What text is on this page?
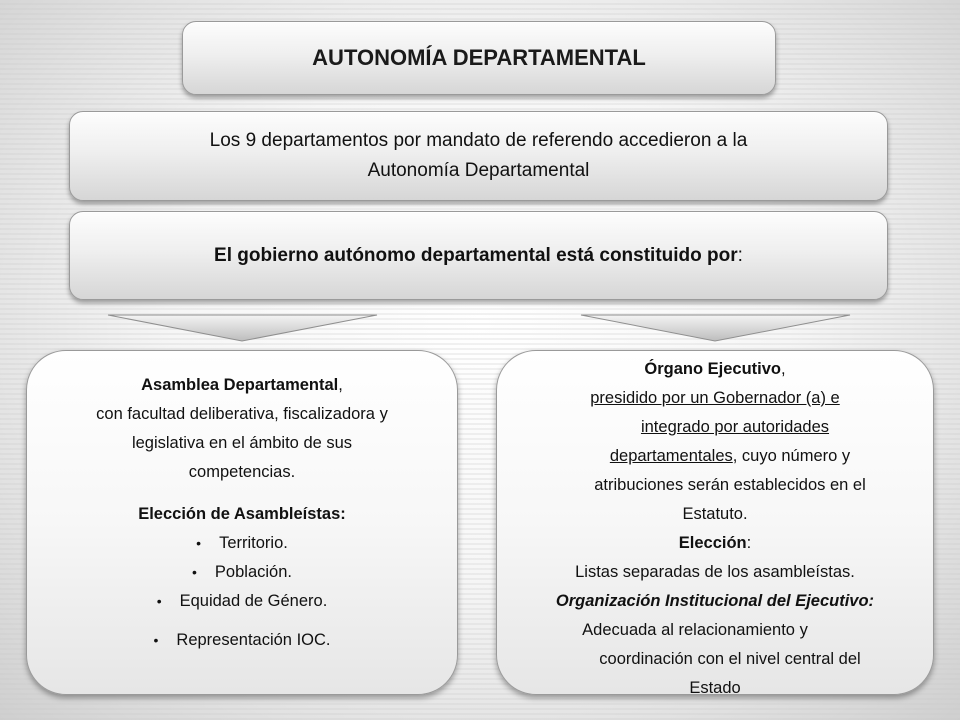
AUTONOMÍA DEPARTAMENTAL
Los 9 departamentos por mandato de referendo accedieron a la
Autonomía Departamental
El gobierno autónomo departamental está constituido por:
Asamblea Departamental,
con facultad deliberativa, fiscalizadora y
legislativa en el ámbito de sus
competencias.
Elección de Asambleístas:
• Territorio.
• Población.
• Equidad de Género.
• Representación IOC.
Órgano Ejecutivo,
presidido por un Gobernador (a) e
integrado por autoridades
departamentales, cuyo número y
atribuciones serán establecidos en el
Estatuto.
Elección:
Listas separadas de los asambleístas.
Organización Institucional del Ejecutivo:
Adecuada al relacionamiento y
coordinación con el nivel central del
Estado
